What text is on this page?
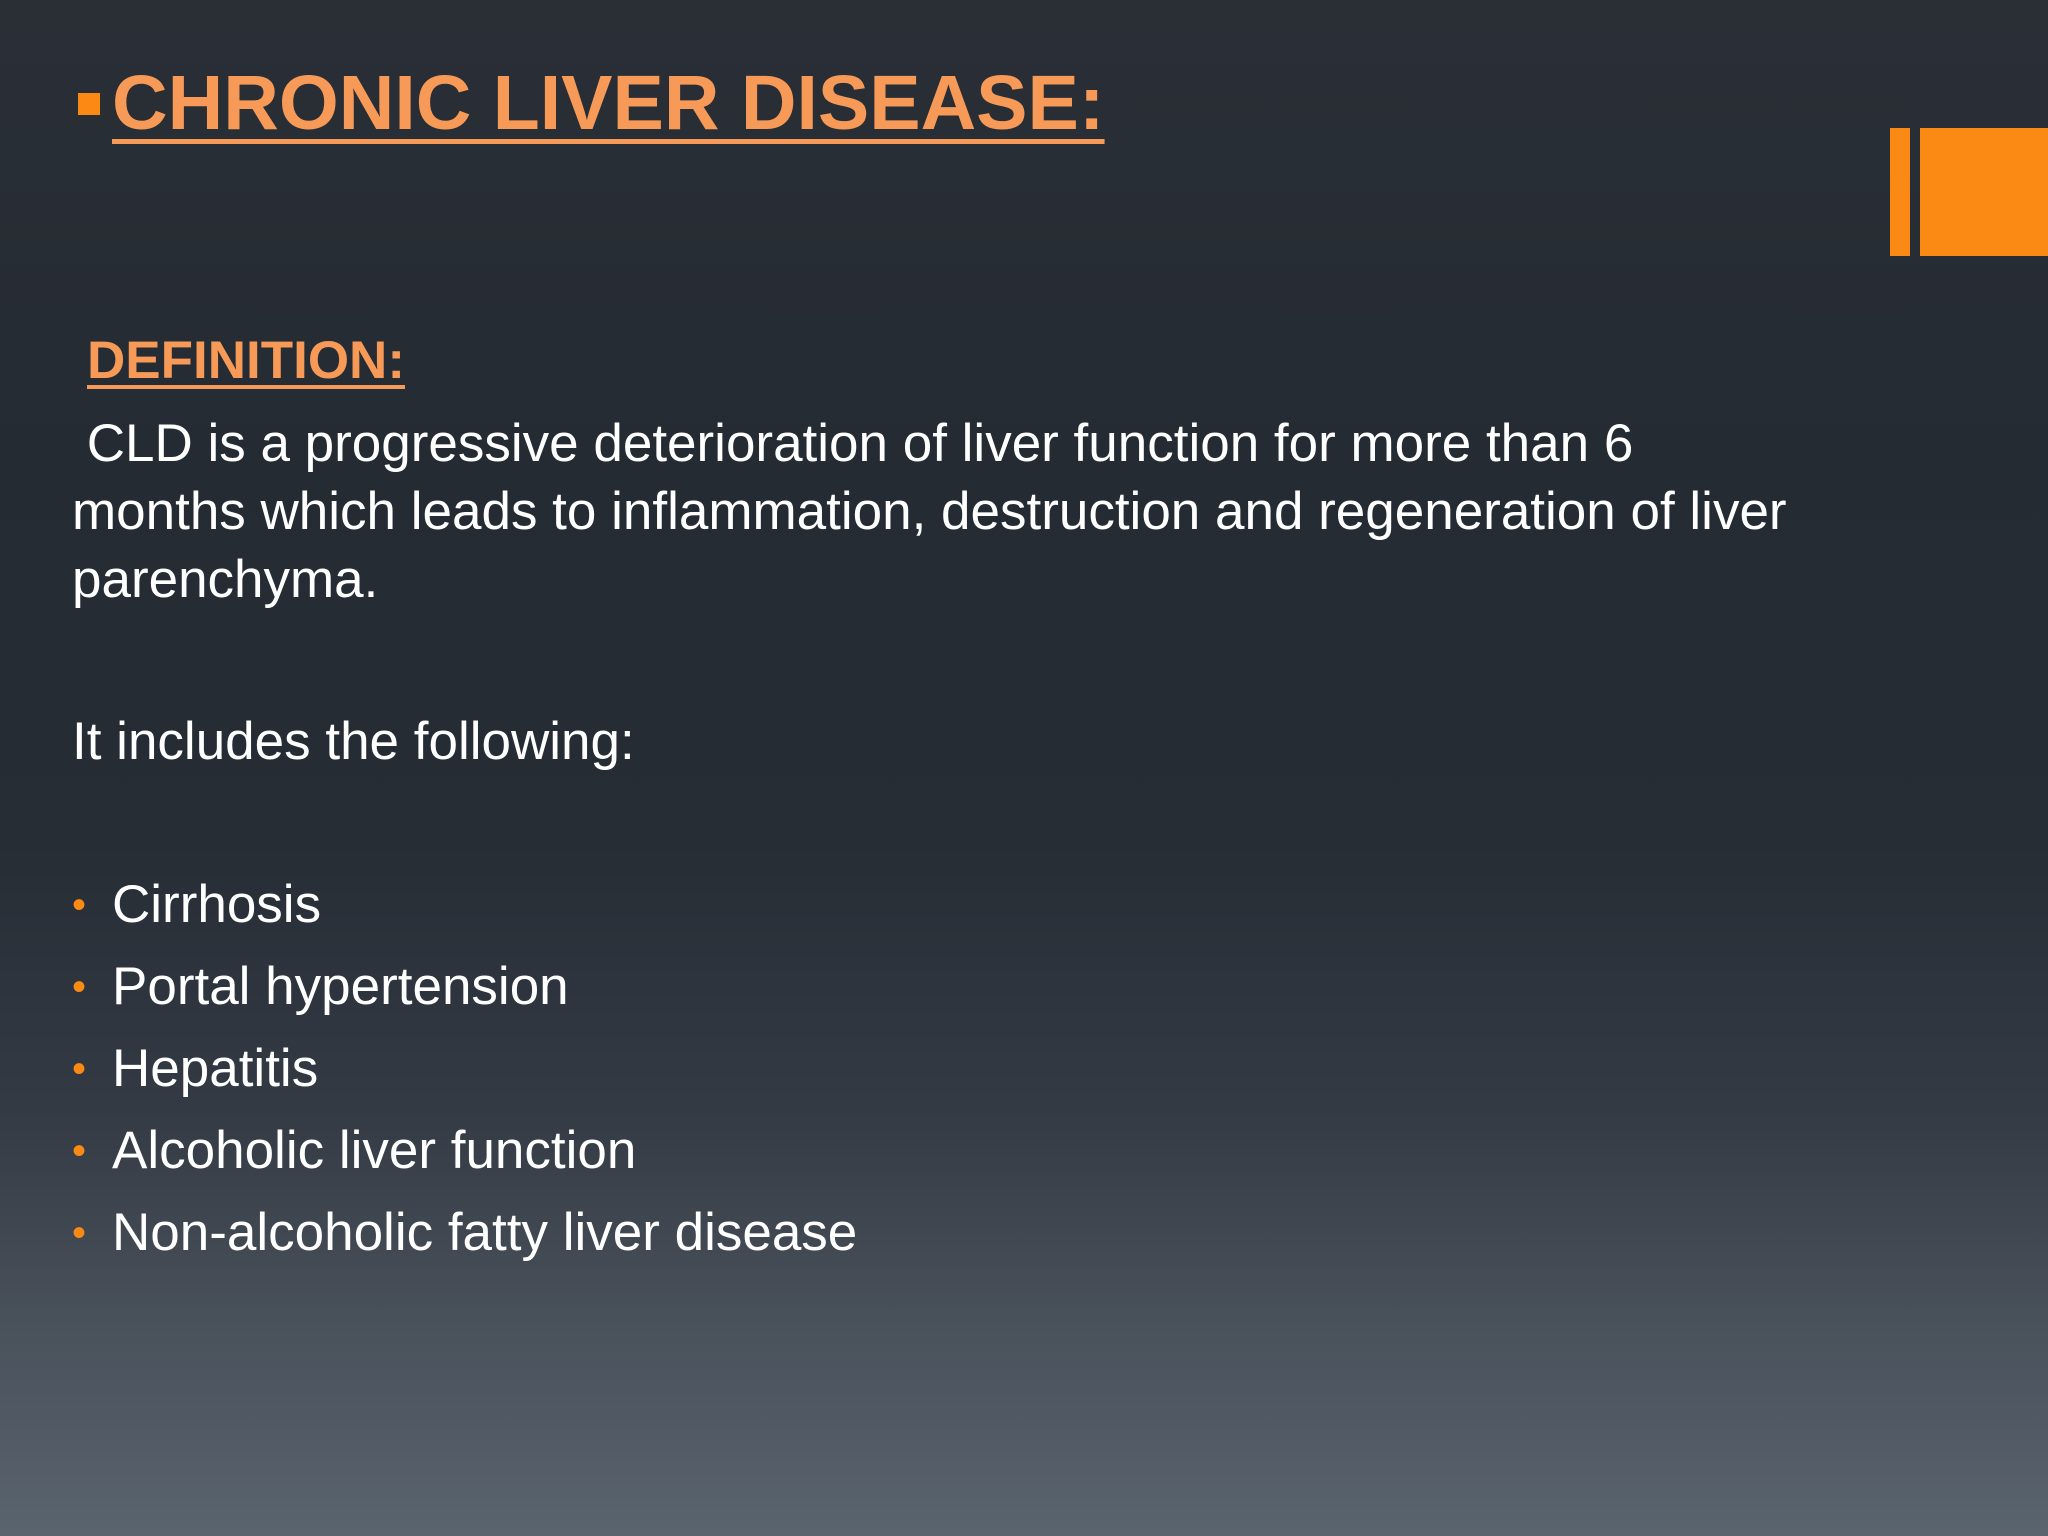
CHRONIC LIVER DISEASE:
DEFINITION:
CLD is a progressive deterioration of liver function for more than 6
months which leads to inflammation, destruction and regeneration of liver
parenchyma.
It includes the following:
• Cirrhosis
• Portal hypertension
• Hepatitis
• Alcoholic liver function
• Non-alcoholic fatty liver disease
